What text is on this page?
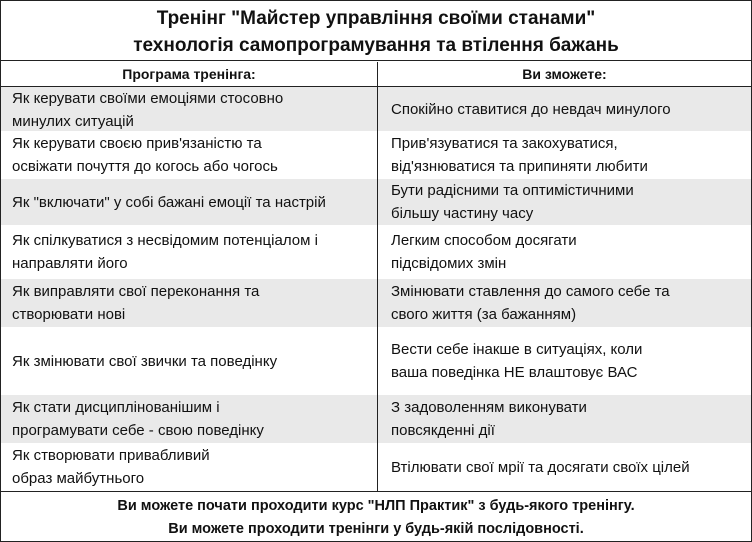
Тренінг "Майстер управління своїми станами"
технологія самопрограмування та втілення бажань
Програма тренінга:	Ви зможете:
Як керувати своїми емоціями стосовно
минулих ситуацій
Спокійно ставитися до невдач минулого
Як керувати своєю прив'язаністю та
освіжати почуття до когось або чогось
Прив'язуватися та закохуватися,
від'язнюватися та припиняти любити
Як "включати" у собі бажані емоції та настрій
Бути радісними та оптимістичними
більшу частину часу
Як спілкуватися з несвідомим потенціалом і
направляти його
Легким способом досягати
підсвідомих змін
Як виправляти свої переконання та
створювати нові
Змінювати ставлення до самого себе та
свого життя (за бажанням)
Як змінювати свої звички та поведінку
Вести себе інакше в ситуаціях, коли
ваша поведінка НЕ влаштовує ВАС
Як стати дисциплінованішим і
програмувати себе - свою поведінку
З задоволенням виконувати
повсякденні дії
Як створювати привабливий
образ майбутнього
Втілювати свої мрії та досягати своїх цілей
Ви можете почати проходити курс "НЛП Практик" з будь-якого тренінгу.
Ви можете проходити тренінги у будь-якій послідовності.
